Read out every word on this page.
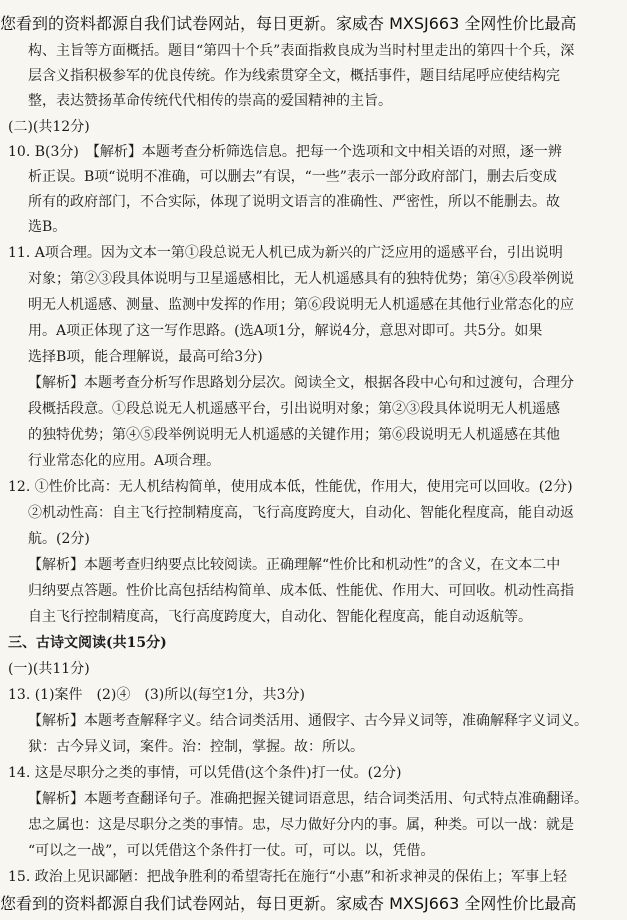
您看到的资料都源自我们试卷网站，每日更新。家威杏 MXSJ663 全网性价比最高
构、主旨等方面概括。题目“第四十个兵”表面指救良成为当时村里走出的第四十个兵，深
层含义指积极参军的优良传统。作为线索贯穿全文，概括事件，题目结尾呼应使结构完
整，表达赞扬革命传统代代相传的崇高的爱国精神的主旨。
(二)(共12分)
10. B(3分)　【解析】本题考查分析筛选信息。把每一个选项和文中相关语的对照，逐一辨
析正误。B项“说明不准确，可以删去”有误，“一些”表示一部分政府部门，删去后变成
所有的政府部门，不合实际，体现了说明文语言的准确性、严密性，所以不能删去。故
选B。
11. A项合理。因为文本一第①段总说无人机已成为新兴的广泛应用的遥感平台，引出说明
对象；第②③段具体说明与卫星遥感相比，无人机遥感具有的独特优势；第④⑤段举例说
明无人机遥感、测量、监测中发挥的作用；第⑥段说明无人机遥感在其他行业常态化的应
用。A项正体现了这一写作思路。(选A项1分，解说4分，意思对即可。共5分。如果
选择B项，能合理解说，最高可给3分)
【解析】本题考查分析写作思路划分层次。阅读全文，根据各段中心句和过渡句，合理分
段概括段意。①段总说无人机遥感平台，引出说明对象；第②③段具体说明无人机遥感
的独特优势；第④⑤段举例说明无人机遥感的关键作用；第⑥段说明无人机遥感在其他
行业常态化的应用。A项合理。
12. ①性价比高：无人机结构简单，使用成本低，性能优，作用大，使用完可以回收。(2分)
②机动性高：自主飞行控制精度高，飞行高度跨度大，自动化、智能化程度高，能自动返
航。(2分)
【解析】本题考查归纳要点比较阅读。正确理解“性价比和机动性”的含义，在文本二中
归纳要点答题。性价比高包括结构简单、成本低、性能优、作用大、可回收。机动性高指
自主飞行控制精度高，飞行高度跨度大，自动化、智能化程度高，能自动返航等。
三、古诗文阅读(共15分)
(一)(共11分)
13. (1)案件　(2)④　(3)所以(每空1分，共3分)
【解析】本题考查解释字义。结合词类活用、通假字、古今异义词等，准确解释字义词义。
狱：古今异义词，案件。治：控制，掌握。故：所以。
14. 这是尽职分之类的事情，可以凭借(这个条件)打一仗。(2分)
【解析】本题考查翻译句子。准确把握关键词语意思，结合词类活用、句式特点准确翻译。
忠之属也：这是尽职分之类的事情。忠，尽力做好分内的事。属，种类。可以一战：就是
“可以之一战”，可以凭借这个条件打一仗。可，可以。以，凭借。
15. 政治上见识鄙陋：把战争胜利的希望寄托在施行“小惠”和祈求神灵的保佑上；军事上轻
您看到的资料都源自我们试卷网站，每日更新。家威杏 MXSJ663 全网性价比最高
